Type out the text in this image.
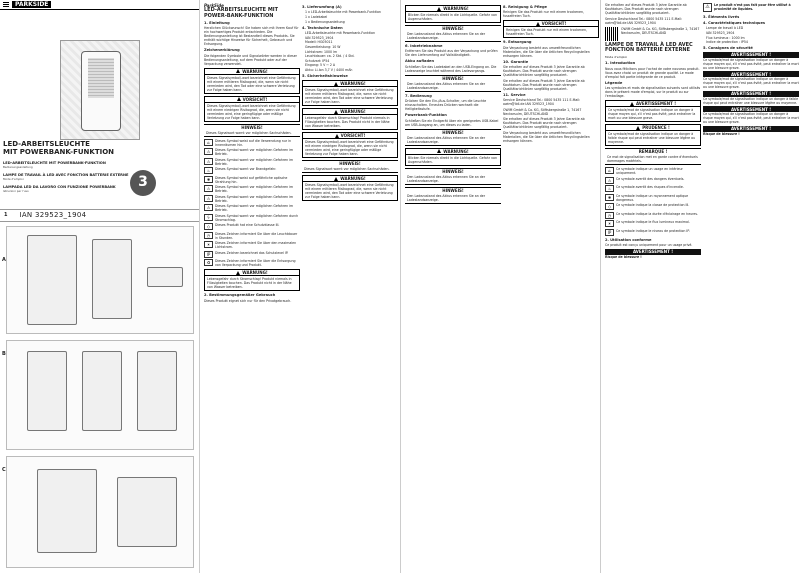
PARKSIDE
LED-ARBEITSLEUCHTE
MIT POWERBANK-FUNKTION
LED-ARBEITSLEUCHTE MIT POWERBANK-FUNKTION
Bedienungsanleitung
LAMPE DE TRAVAIL À LED AVEC FONCTION BATTERIE EXTERNE
Mode d'emploi
LAMPADA LED DA LAVORO CON FUNZIONE POWERBANK
Istruzioni per l'uso
3
1	IAN 329523_1904
A
B
C
ParkSide
LED-ARBEITSLEUCHTE MIT POWER-BANK-FUNKTION
1. Einleitung

Herzlichen Glückwunsch! Sie haben sich mit Ihrem Kauf für ein hochwertiges Produkt entschieden. Die Bedienungsanleitung ist Bestandteil dieses Produkts. Sie enthält wichtige Hinweise für Sicherheit, Gebrauch und Entsorgung.

Zeichenerklärung

Die folgenden Symbole und Signalwörter werden in dieser Bedienungsanleitung, auf dem Produkt oder auf der Verpackung verwendet.

WARNUNG!
Dieses Signalsymbol/-wort bezeichnet eine Gefährdung mit einem mittleren Risikograd, die, wenn sie nicht vermieden wird, den Tod oder eine schwere Verletzung zur Folge haben kann.
VORSICHT!
Dieses Signalsymbol/-wort bezeichnet eine Gefährdung mit einem niedrigen Risikograd, die, wenn sie nicht vermieden wird, eine geringfügige oder mäßige Verletzung zur Folge haben kann.
HINWEIS!
Dieses Signalwort warnt vor möglichen Sachschäden.
⌂	Dieses Symbol weist auf die Verwendung nur in Innenräumen hin.
⚠	Dieses Symbol warnt vor möglichen Gefahren im Betrieb.
⚠	Dieses Symbol warnt vor möglichen Gefahren im Betrieb.
♨	Dieses Symbol warnt vor Brandgefahr.
✹	Dieses Symbol weist auf gefährliche optische Strahlung hin.
⚠	Dieses Symbol warnt vor möglichen Gefahren im Betrieb.
⚠	Dieses Symbol warnt vor möglichen Gefahren im Betrieb.
⚠	Dieses Symbol warnt vor möglichen Gefahren im Betrieb.
ϟ	Dieses Symbol warnt vor möglichen Gefahren durch Stromschlag.
◇	Dieses Produkt hat eine Schutzklasse III.
◷	Dieses Zeichen informiert Sie über die Leuchtdauer in Stunden.
☀	Dieses Zeichen informiert Sie über den maximalen Lichtstrom.
IP	Dieses Zeichen bezeichnet das Schutzlevel IP.
♻	Dieses Zeichen informiert Sie über die Entsorgung von Verpackung und Produkt.
WARNUNG!
Lebensgefahr durch Stromschlag! Produkt niemals in Flüssigkeiten tauchen. Das Produkt nicht in der Nähe von Wasser betreiben.
2. Bestimmungsgemäßer Gebrauch

Dieses Produkt eignet sich nur für den Privatgebrauch.

3. Lieferumfang (A)
1 x LED-Arbeitsleuchte mit Powerbank-Funktion
1 x Ladekabel
1 x Bedienungsanleitung
4. Technische Daten
LED-Arbeitsleuchte mit Powerbank-Funktion
IAN 329523_1904
Modell: HG05011
Gesamtleistung: 10 W
Lichtstrom: 1000 lm
Leuchtdauer: ca. 2 Std. / 4 Std.
Schutzart: IP54
Eingang: 5 V ⎓ 2 A
Akku: Li-Ion 3,7 V / 4400 mAh
5. Sicherheitshinweise
WARNUNG!
Dieses Signalsymbol/-wort bezeichnet eine Gefährdung mit einem mittleren Risikograd, die, wenn sie nicht vermieden wird, den Tod oder eine schwere Verletzung zur Folge haben kann.
WARNUNG!
Lebensgefahr durch Stromschlag! Produkt niemals in Flüssigkeiten tauchen. Das Produkt nicht in der Nähe von Wasser betreiben.
VORSICHT!
Dieses Signalsymbol/-wort bezeichnet eine Gefährdung mit einem niedrigen Risikograd, die, wenn sie nicht vermieden wird, eine geringfügige oder mäßige Verletzung zur Folge haben kann.
HINWEIS!
Dieses Signalwort warnt vor möglichen Sachschäden.
WARNUNG!
Dieses Signalsymbol/-wort bezeichnet eine Gefährdung mit einem mittleren Risikograd, die, wenn sie nicht vermieden wird, den Tod oder eine schwere Verletzung zur Folge haben kann.
WARNUNG!
Blicken Sie niemals direkt in die Lichtquelle. Gefahr von Augenschäden.
HINWEIS!
Den Ladezustand des Akkus erkennen Sie an der Ladestandsanzeige.
6. Inbetriebnahme

Entfernen Sie das Produkt aus der Verpackung und prüfen Sie den Lieferumfang auf Vollständigkeit.

Akku aufladen

Schließen Sie das Ladekabel an den USB-Eingang an. Die Ladeanzeige leuchtet während des Ladevorgangs.

HINWEIS!
Den Ladezustand des Akkus erkennen Sie an der Ladestandsanzeige.
7. Bedienung

Drücken Sie den Ein-/Aus-Schalter, um die Leuchte einzuschalten. Erneutes Drücken wechselt die Helligkeitsstufe.

Powerbank-Funktion

Schließen Sie ein Endgerät über ein geeignetes USB-Kabel am USB-Ausgang an, um dieses zu laden.

HINWEIS!
Den Ladezustand des Akkus erkennen Sie an der Ladestandsanzeige.
WARNUNG!
Blicken Sie niemals direkt in die Lichtquelle. Gefahr von Augenschäden.
HINWEIS!
Den Ladezustand des Akkus erkennen Sie an der Ladestandsanzeige.
HINWEIS!
Den Ladezustand des Akkus erkennen Sie an der Ladestandsanzeige.
8. Reinigung & Pflege

Reinigen Sie das Produkt nur mit einem trockenen, fusselfreien Tuch.

VORSICHT!
Reinigen Sie das Produkt nur mit einem trockenen, fusselfreien Tuch.
9. Entsorgung

Die Verpackung besteht aus umweltfreundlichen Materialien, die Sie über die örtlichen Recyclingstellen entsorgen können.

10. Garantie

Sie erhalten auf dieses Produkt 3 Jahre Garantie ab Kaufdatum. Das Produkt wurde nach strengen Qualitätsrichtlinien sorgfältig produziert.

Sie erhalten auf dieses Produkt 3 Jahre Garantie ab Kaufdatum. Das Produkt wurde nach strengen Qualitätsrichtlinien sorgfältig produziert.

11. Service

Service Deutschland Tel.: 0800 5435 111 E-Mail: owim@lidl.de IAN 329523_1904

OWIM GmbH & Co. KG, Stiftsbergstraße 1, 74167 Neckarsulm, DEUTSCHLAND

Sie erhalten auf dieses Produkt 3 Jahre Garantie ab Kaufdatum. Das Produkt wurde nach strengen Qualitätsrichtlinien sorgfältig produziert.

Die Verpackung besteht aus umweltfreundlichen Materialien, die Sie über die örtlichen Recyclingstellen entsorgen können.

Sie erhalten auf dieses Produkt 3 Jahre Garantie ab Kaufdatum. Das Produkt wurde nach strengen Qualitätsrichtlinien sorgfältig produziert.

Service Deutschland Tel.: 0800 5435 111 E-Mail: owim@lidl.de IAN 329523_1904

OWIM GmbH & Co. KG, Stiftsbergstraße 1, 74167 Neckarsulm, DEUTSCHLAND

LAMPE DE TRAVAIL À LED AVEC FONCTION BATTERIE EXTERNE
Mode d'emploi
1. Introduction

Nous vous félicitons pour l'achat de votre nouveau produit. Vous avez choisi un produit de grande qualité. Le mode d'emploi fait partie intégrante de ce produit.

Légende

Les symboles et mots de signalisation suivants sont utilisés dans le présent mode d'emploi, sur le produit ou sur l'emballage.

AVERTISSEMENT !
Ce symbole/mot de signalisation indique un danger à risque moyen qui, s'il n'est pas évité, peut entraîner la mort ou une blessure grave.
PRUDENCE !
Ce symbole/mot de signalisation indique un danger à faible risque qui peut entraîner une blessure légère ou moyenne.
REMARQUE !
Ce mot de signalisation met en garde contre d'éventuels dommages matériels.
⌂	Ce symbole indique un usage en intérieur uniquement.
⚠	Ce symbole avertit des dangers éventuels.
♨	Ce symbole avertit des risques d'incendie.
✹	Ce symbole indique un rayonnement optique dangereux.
◇	Ce symbole indique la classe de protection III.
◷	Ce symbole indique la durée d'éclairage en heures.
☀	Ce symbole indique le flux lumineux maximal.
IP	Ce symbole indique le niveau de protection IP.
2. Utilisation conforme

Ce produit est conçu uniquement pour un usage privé.

AVERTISSEMENT !

Risque de blessure !

⚠	Le produit n'est pas fait pour être utilisé à proximité de liquides.

3. Éléments livrés
4. Caractéristiques techniques
Lampe de travail à LED
IAN 329523_1904
Flux lumineux : 1000 lm
Indice de protection : IP54
5. Consignes de sécurité
AVERTISSEMENT !

Ce symbole/mot de signalisation indique un danger à risque moyen qui, s'il n'est pas évité, peut entraîner la mort ou une blessure grave.

AVERTISSEMENT !

Ce symbole/mot de signalisation indique un danger à risque moyen qui, s'il n'est pas évité, peut entraîner la mort ou une blessure grave.

AVERTISSEMENT !

Ce symbole/mot de signalisation indique un danger à faible risque qui peut entraîner une blessure légère ou moyenne.

AVERTISSEMENT !

Ce symbole/mot de signalisation indique un danger à risque moyen qui, s'il n'est pas évité, peut entraîner la mort ou une blessure grave.

AVERTISSEMENT !

Risque de blessure !
